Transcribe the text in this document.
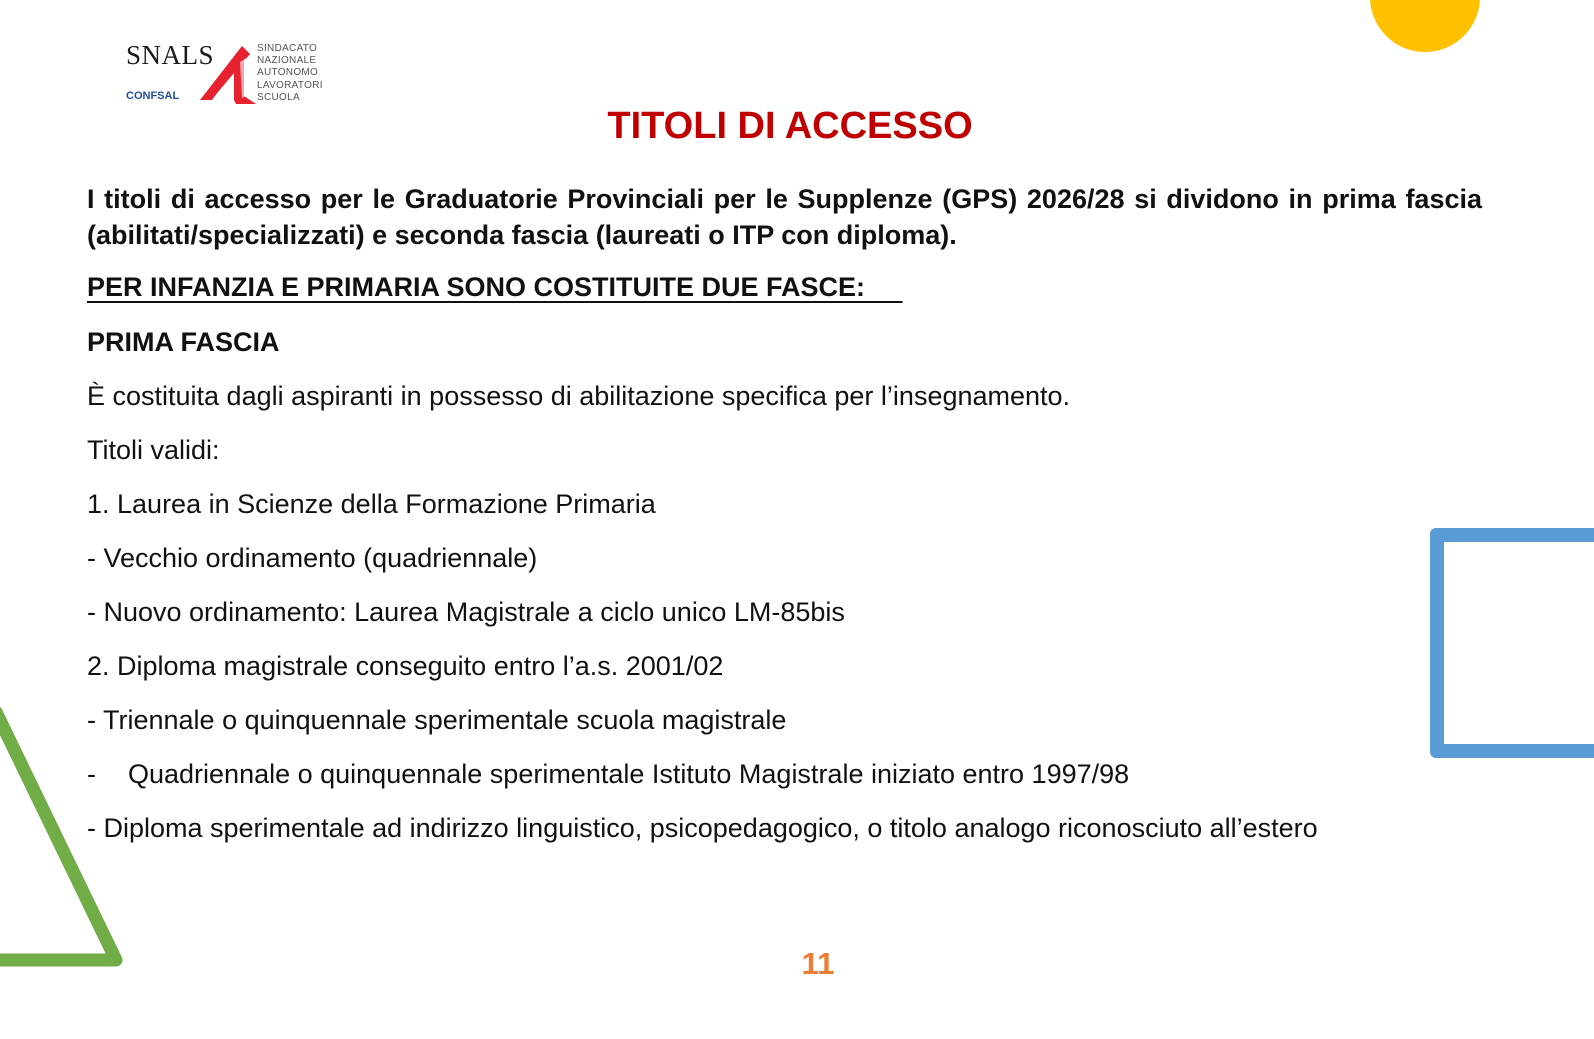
SNALS
CONFSAL
SINDACATO
NAZIONALE
AUTONOMO
LAVORATORI
SCUOLA
TITOLI DI ACCESSO
I titoli di accesso per le Graduatorie Provinciali per le Supplenze (GPS) 2026/28 si dividono in prima fascia (abilitati/specializzati) e seconda fascia (laureati o ITP con diploma).
PER INFANZIA E PRIMARIA SONO COSTITUITE DUE FASCE:
PRIMA FASCIA
È costituita dagli aspiranti in possesso di abilitazione specifica per l’insegnamento.
Titoli validi:
1. Laurea in Scienze della Formazione Primaria
- Vecchio ordinamento (quadriennale)
- Nuovo ordinamento: Laurea Magistrale a ciclo unico LM-85bis
2. Diploma magistrale conseguito entro l’a.s. 2001/02
- Triennale o quinquennale sperimentale scuola magistrale
- Quadriennale o quinquennale sperimentale Istituto Magistrale iniziato entro 1997/98
- Diploma sperimentale ad indirizzo linguistico, psicopedagogico, o titolo analogo riconosciuto all’estero
11
